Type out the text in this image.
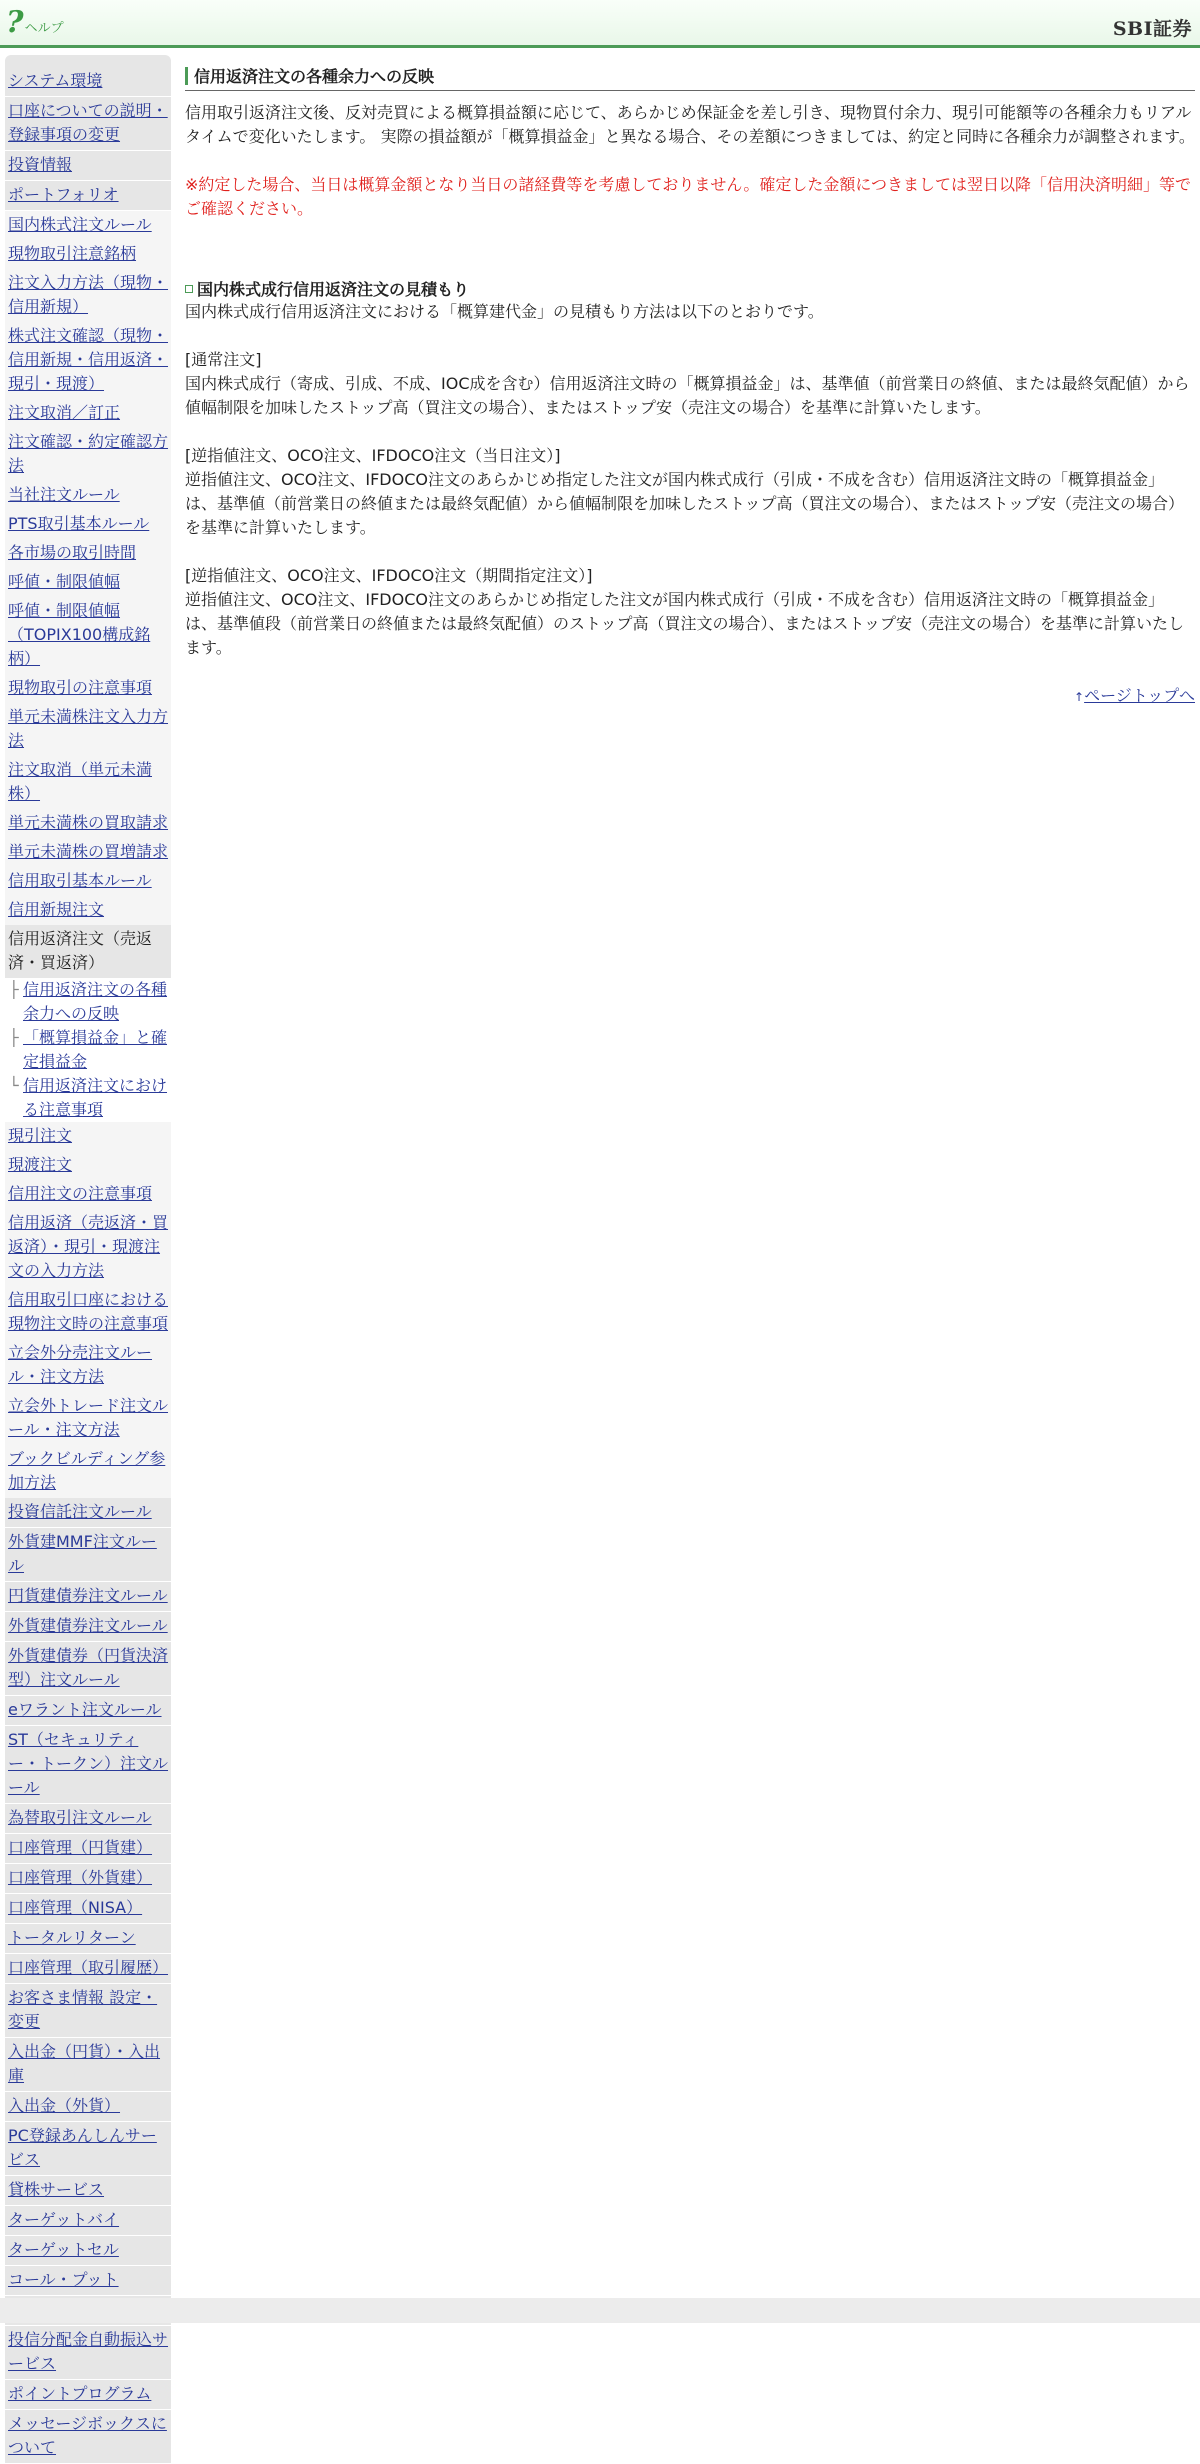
? ヘルプ	SBI証券
システム環境
口座についての説明・登録事項の変更
投資情報
ポートフォリオ
国内株式注文ルール
現物取引注意銘柄
注文入力方法（現物・信用新規）
株式注文確認（現物・信用新規・信用返済・現引・現渡）
注文取消／訂正
注文確認・約定確認方法
当社注文ルール
PTS取引基本ルール
各市場の取引時間
呼値・制限値幅
呼値・制限値幅（TOPIX100構成銘柄）
現物取引の注意事項
単元未満株注文入力方法
注文取消（単元未満株）
単元未満株の買取請求
単元未満株の買増請求
信用取引基本ルール
信用新規注文
信用返済注文（売返済・買返済）
├ 信用返済注文の各種余力への反映
├ 「概算損益金」と確定損益金
└ 信用返済注文における注意事項
現引注文
現渡注文
信用注文の注意事項
信用返済（売返済・買返済）・現引・現渡注文の入力方法
信用取引口座における現物注文時の注意事項
立会外分売注文ルール・注文方法
立会外トレード注文ルール・注文方法
ブックビルディング参加方法
投資信託注文ルール
外貨建MMF注文ルール
円貨建債券注文ルール
外貨建債券注文ルール
外貨建債券（円貨決済型）注文ルール
eワラント注文ルール
ST（セキュリティー・トークン）注文ルール
為替取引注文ルール
口座管理（円貨建）
口座管理（外貨建）
口座管理（NISA）
トータルリターン
口座管理（取引履歴）
お客さま情報 設定・変更
入出金（円貨）・入出庫
入出金（外貨）
PC登録あんしんサービス
貸株サービス
ターゲットバイ
ターゲットセル
コール・プット
投信分配金自動振込サービス
ポイントプログラム
メッセージボックスについて
信用返済注文の各種余力への反映

信用取引返済注文後、反対売買による概算損益額に応じて、あらかじめ保証金を差し引き、現物買付余力、現引可能額等の各種余力もリアルタイムで変化いたします。 実際の損益額が「概算損益金」と異なる場合、その差額につきましては、約定と同時に各種余力が調整されます。

※約定した場合、当日は概算金額となり当日の諸経費等を考慮しておりません。確定した金額につきましては翌日以降「信用決済明細」等でご確認ください。

国内株式成行信用返済注文の見積もり

国内株式成行信用返済注文における「概算建代金」の見積もり方法は以下のとおりです。

[通常注文]

国内株式成行（寄成、引成、不成、IOC成を含む）信用返済注文時の「概算損益金」は、基準値（前営業日の終値、または最終気配値）から値幅制限を加味したストップ高（買注文の場合）、またはストップ安（売注文の場合）を基準に計算いたします。

[逆指値注文、OCO注文、IFDOCO注文（当日注文）]

逆指値注文、OCO注文、IFDOCO注文のあらかじめ指定した注文が国内株式成行（引成・不成を含む）信用返済注文時の「概算損益金」は、基準値（前営業日の終値または最終気配値）から値幅制限を加味したストップ高（買注文の場合）、またはストップ安（売注文の場合）を基準に計算いたします。

[逆指値注文、OCO注文、IFDOCO注文（期間指定注文）]

逆指値注文、OCO注文、IFDOCO注文のあらかじめ指定した注文が国内株式成行（引成・不成を含む）信用返済注文時の「概算損益金」は、基準値段（前営業日の終値または最終気配値）のストップ高（買注文の場合）、またはストップ安（売注文の場合）を基準に計算いたします。

↑ページトップへ
